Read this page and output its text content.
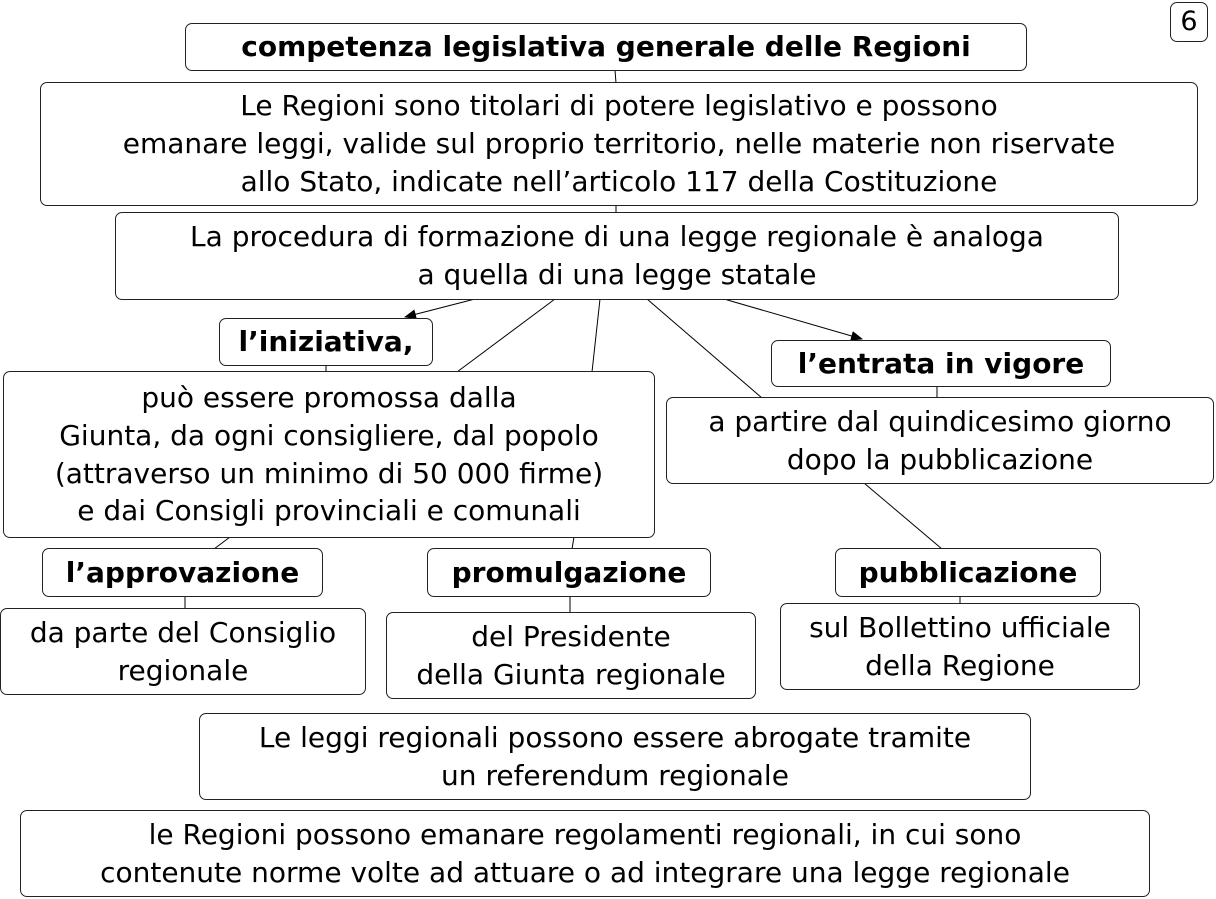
6
competenza legislativa generale delle Regioni
Le Regioni sono titolari di potere legislativo e possono
emanare leggi, valide sul proprio territorio, nelle materie non riservate
allo Stato, indicate nell’articolo 117 della Costituzione
La procedura di formazione di una legge regionale è analoga
a quella di una legge statale
l’iniziativa,
può essere promossa dalla
Giunta, da ogni consigliere, dal popolo
(attraverso un minimo di 50 000 firme)
e dai Consigli provinciali e comunali
l’entrata in vigore
a partire dal quindicesimo giorno
dopo la pubblicazione
l’approvazione
da parte del Consiglio
regionale
promulgazione
del Presidente
della Giunta regionale
pubblicazione
sul Bollettino ufficiale
della Regione
Le leggi regionali possono essere abrogate tramite
un referendum regionale
le Regioni possono emanare regolamenti regionali, in cui sono
contenute norme volte ad attuare o ad integrare una legge regionale
